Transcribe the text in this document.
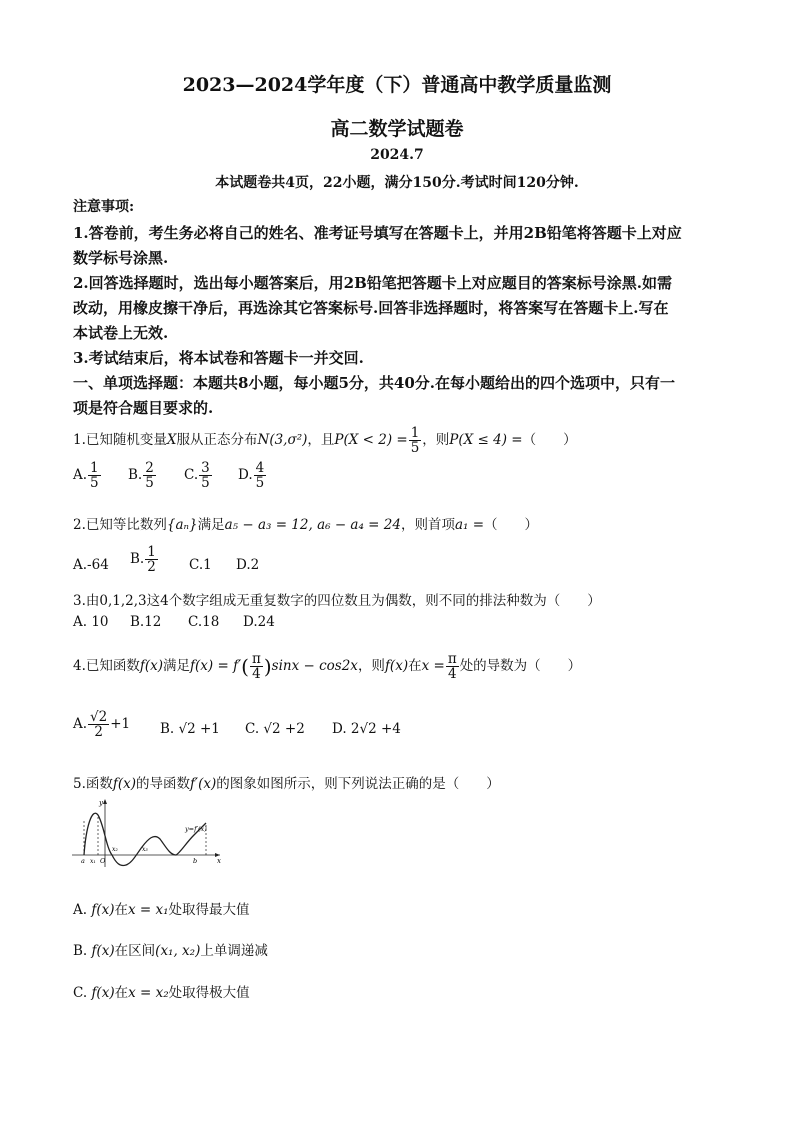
2023—2024学年度（下）普通高中教学质量监测
高二数学试题卷
2024.7
本试题卷共4页，22小题，满分150分.考试时间120分钟.
注意事项:
1.答卷前，考生务必将自己的姓名、准考证号填写在答题卡上，并用2B铅笔将答题卡上对应
数学标号涂黑.
2.回答选择题时，选出每小题答案后，用2B铅笔把答题卡上对应题目的答案标号涂黑.如需
改动，用橡皮擦干净后，再选涂其它答案标号.回答非选择题时，将答案写在答题卡上.写在
本试卷上无效.
3.考试结束后，将本试卷和答题卡一并交回.
一、单项选择题：本题共8小题，每小题5分，共40分.在每小题给出的四个选项中，只有一
项是符合题目要求的.
1.已知随机变量X服从正态分布N(3,σ²)，且$P(X < 2) = \frac{1}{5}$ ，则P(X ≤ 4) =（　　）
A. $\frac{1}{5} B$. $\frac{2}{5} C$. $\frac{3}{5} D$. $\frac{4}{5}$
2.已知等比数列{aₙ}满足a₅ − a₃ = 12, a₆ − a₄ = 24，则首项a₁ =（　　）
A.-64 B. $\frac{1}{2} C.1$ D.2
3.由0,1,2,3这4个数字组成无重复数字的四位数且为偶数，则不同的排法种数为（　　）
A. 10 B.12 C.18 D.24
4.已知函数f(x)满足$f(x) = f'( \frac{\pi}{4} )\sin x - \cos 2x$，则f(x)在$x = \frac{\pi}{4}$ 处的导数为（　　）
A. $\frac{√2}{2} +1$ B. √2 +1 C. √2 +2 D. 2√2 +4
5.函数f(x)的导函数f′(x)的图象如图所示，则下列说法正确的是（　　）
y
x
y=f′(x)
a x₁ O
x₂	x₃
b
A. f(x)在x = x₁处取得最大值
B. f(x)在区间(x₁, x₂)上单调递减
C. f(x)在x = x₂处取得极大值
